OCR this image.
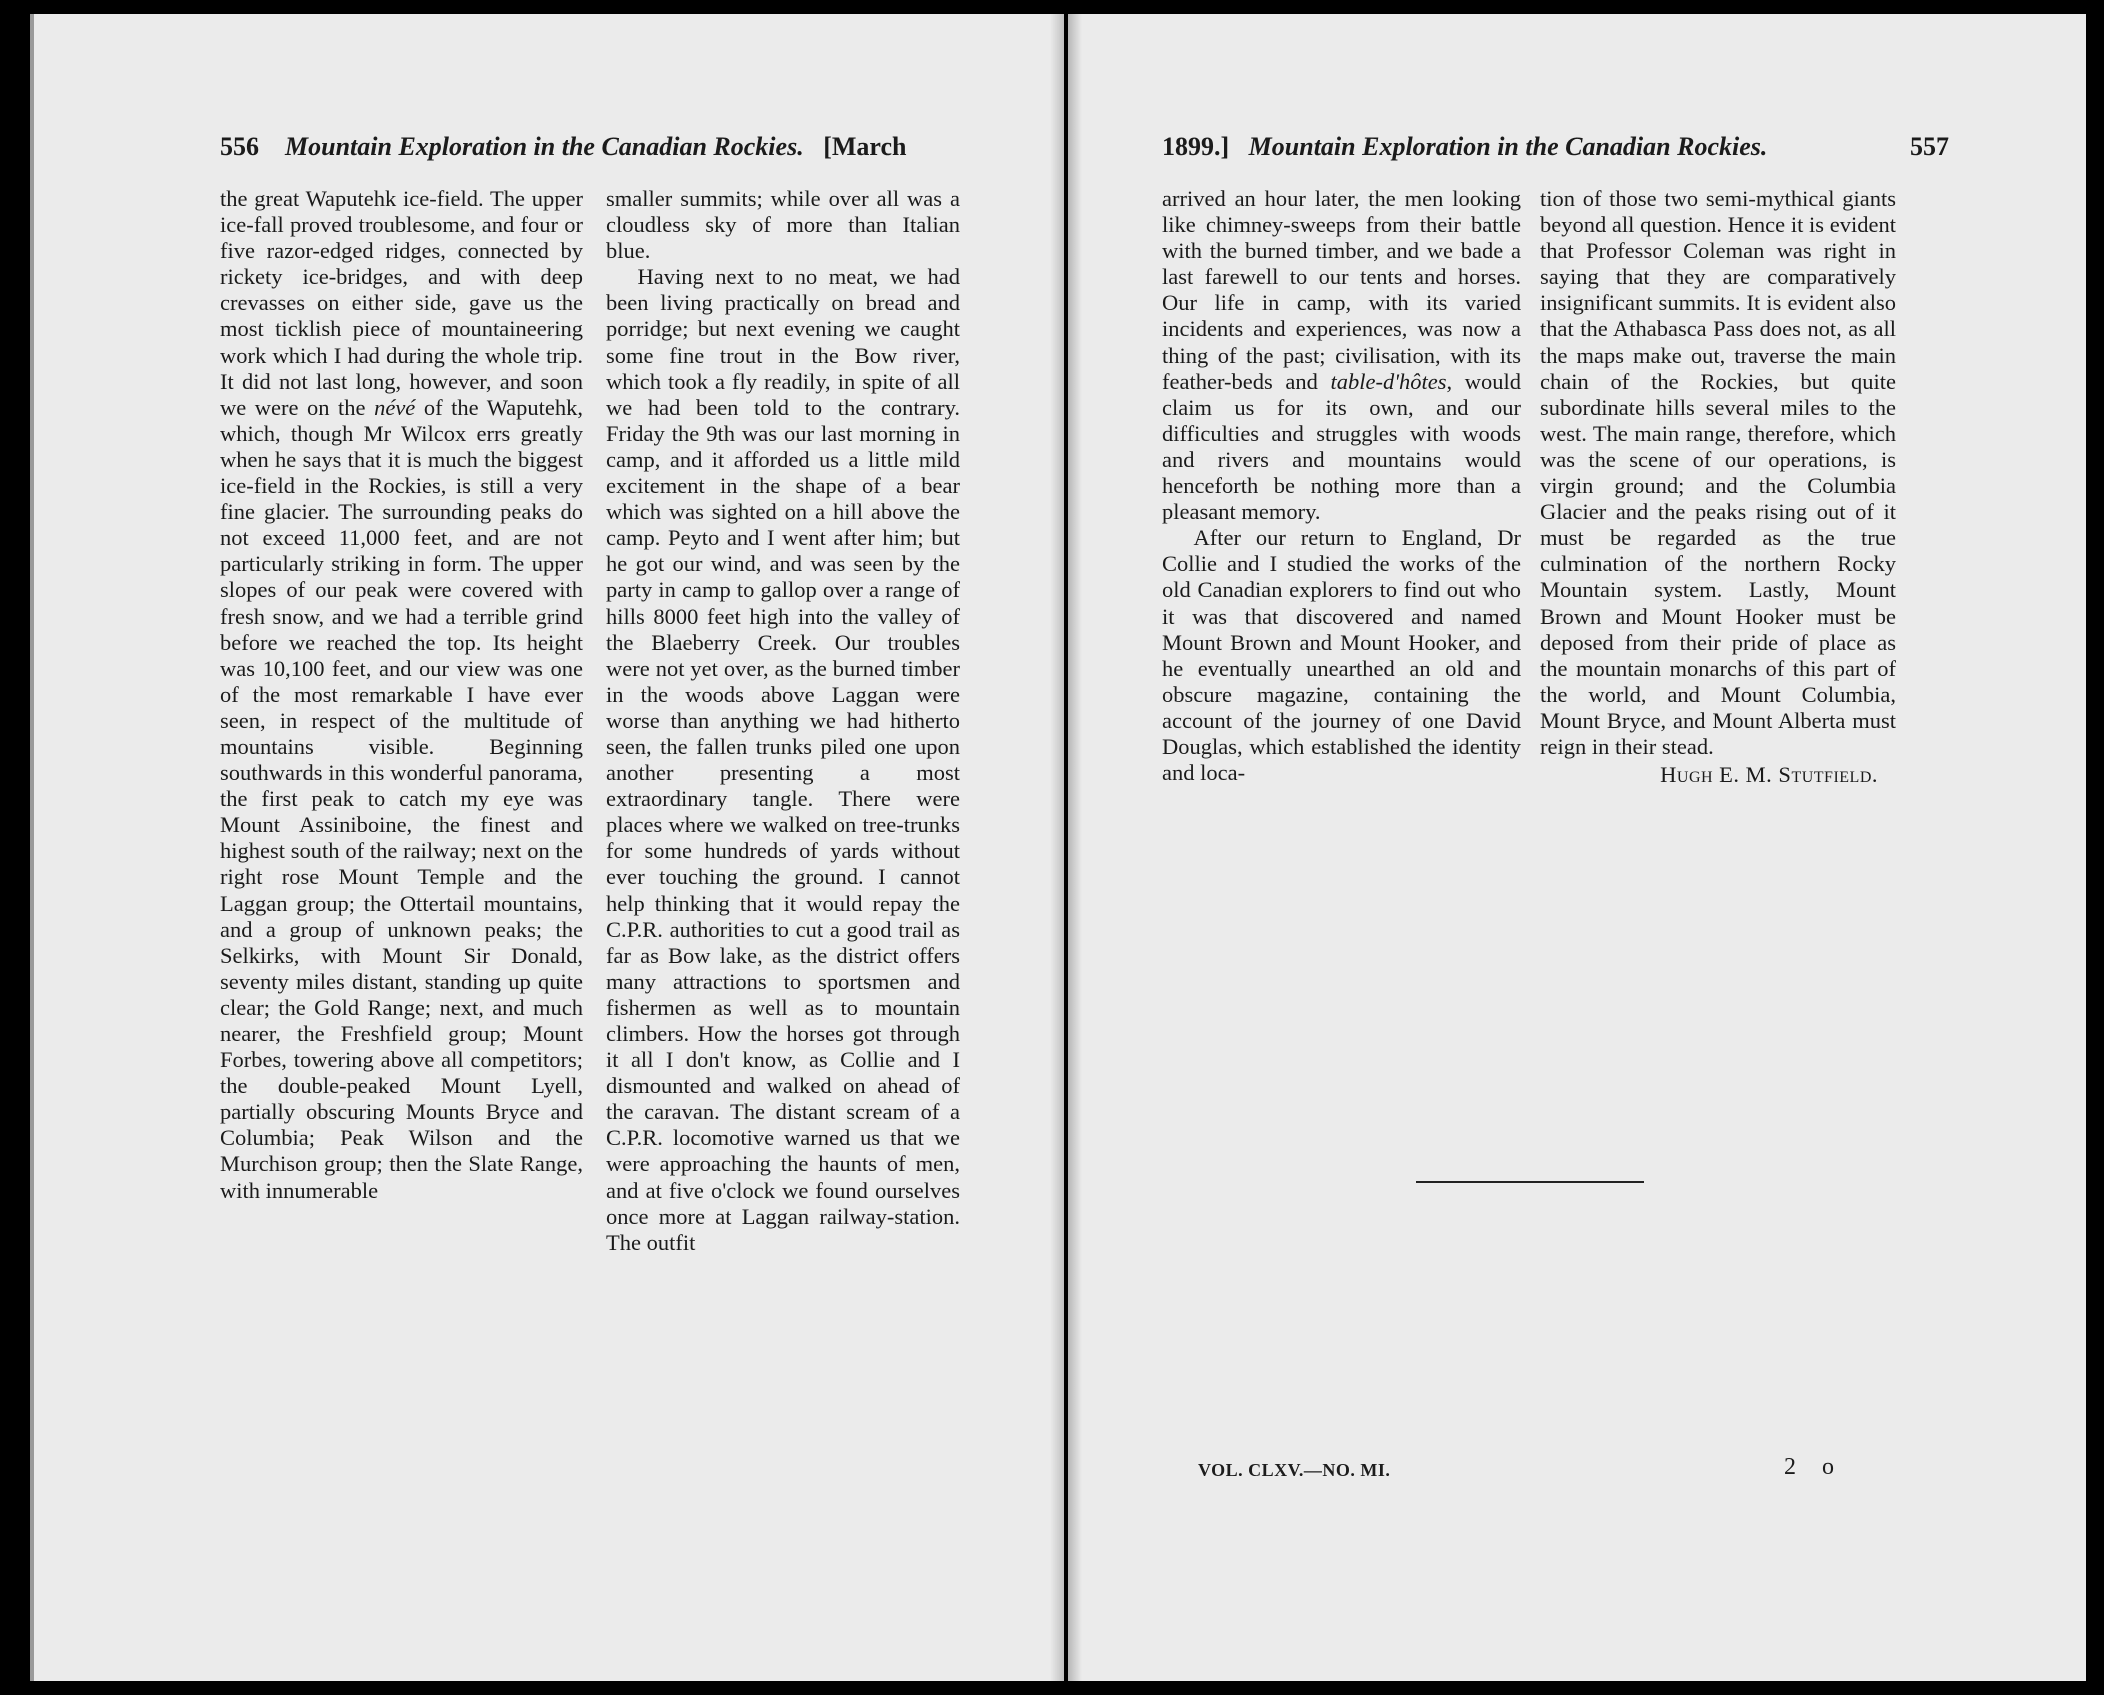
556 Mountain Exploration in the Canadian Rockies. [March

the great Waputehk ice-field. The upper ice-fall proved troublesome, and four or five razor-edged ridges, connected by rickety ice-bridges, and with deep crevasses on either side, gave us the most ticklish piece of mountaineering work which I had during the whole trip. It did not last long, however, and soon we were on the névé of the Waputehk, which, though Mr Wilcox errs greatly when he says that it is much the biggest ice-field in the Rockies, is still a very fine glacier. The surrounding peaks do not exceed 11,000 feet, and are not particularly striking in form. The upper slopes of our peak were covered with fresh snow, and we had a terrible grind before we reached the top. Its height was 10,100 feet, and our view was one of the most remarkable I have ever seen, in respect of the multitude of mountains visible. Beginning southwards in this wonderful panorama, the first peak to catch my eye was Mount Assiniboine, the finest and highest south of the railway; next on the right rose Mount Temple and the Laggan group; the Ottertail mountains, and a group of unknown peaks; the Selkirks, with Mount Sir Donald, seventy miles distant, standing up quite clear; the Gold Range; next, and much nearer, the Freshfield group; Mount Forbes, towering above all competitors; the double-peaked Mount Lyell, partially obscuring Mounts Bryce and Columbia; Peak Wilson and the Murchison group; then the Slate Range, with innumerable

smaller summits; while over all was a cloudless sky of more than Italian blue.

Having next to no meat, we had been living practically on bread and porridge; but next evening we caught some fine trout in the Bow river, which took a fly readily, in spite of all we had been told to the contrary. Friday the 9th was our last morning in camp, and it afforded us a little mild excitement in the shape of a bear which was sighted on a hill above the camp. Peyto and I went after him; but he got our wind, and was seen by the party in camp to gallop over a range of hills 8000 feet high into the valley of the Blaeberry Creek. Our troubles were not yet over, as the burned timber in the woods above Laggan were worse than anything we had hitherto seen, the fallen trunks piled one upon another presenting a most extraordinary tangle. There were places where we walked on tree-trunks for some hundreds of yards without ever touching the ground. I cannot help thinking that it would repay the C.P.R. authorities to cut a good trail as far as Bow lake, as the district offers many attractions to sportsmen and fishermen as well as to mountain climbers. How the horses got through it all I don't know, as Collie and I dismounted and walked on ahead of the caravan. The distant scream of a C.P.R. locomotive warned us that we were approaching the haunts of men, and at five o'clock we found ourselves once more at Laggan railway-station. The outfit

1899.] Mountain Exploration in the Canadian Rockies.	557

arrived an hour later, the men looking like chimney-sweeps from their battle with the burned timber, and we bade a last farewell to our tents and horses. Our life in camp, with its varied incidents and experiences, was now a thing of the past; civilisation, with its feather-beds and table-d'hôtes, would claim us for its own, and our difficulties and struggles with woods and rivers and mountains would henceforth be nothing more than a pleasant memory.

After our return to England, Dr Collie and I studied the works of the old Canadian explorers to find out who it was that discovered and named Mount Brown and Mount Hooker, and he eventually unearthed an old and obscure magazine, containing the account of the journey of one David Douglas, which established the identity and loca-

tion of those two semi-mythical giants beyond all question. Hence it is evident that Professor Coleman was right in saying that they are comparatively insignificant summits. It is evident also that the Athabasca Pass does not, as all the maps make out, traverse the main chain of the Rockies, but quite subordinate hills several miles to the west. The main range, therefore, which was the scene of our operations, is virgin ground; and the Columbia Glacier and the peaks rising out of it must be regarded as the true culmination of the northern Rocky Mountain system. Lastly, Mount Brown and Mount Hooker must be deposed from their pride of place as the mountain monarchs of this part of the world, and Mount Columbia, Mount Bryce, and Mount Alberta must reign in their stead.

Hugh E. M. Stutfield.
VOL. CLXV.—NO. MI.	2 o
